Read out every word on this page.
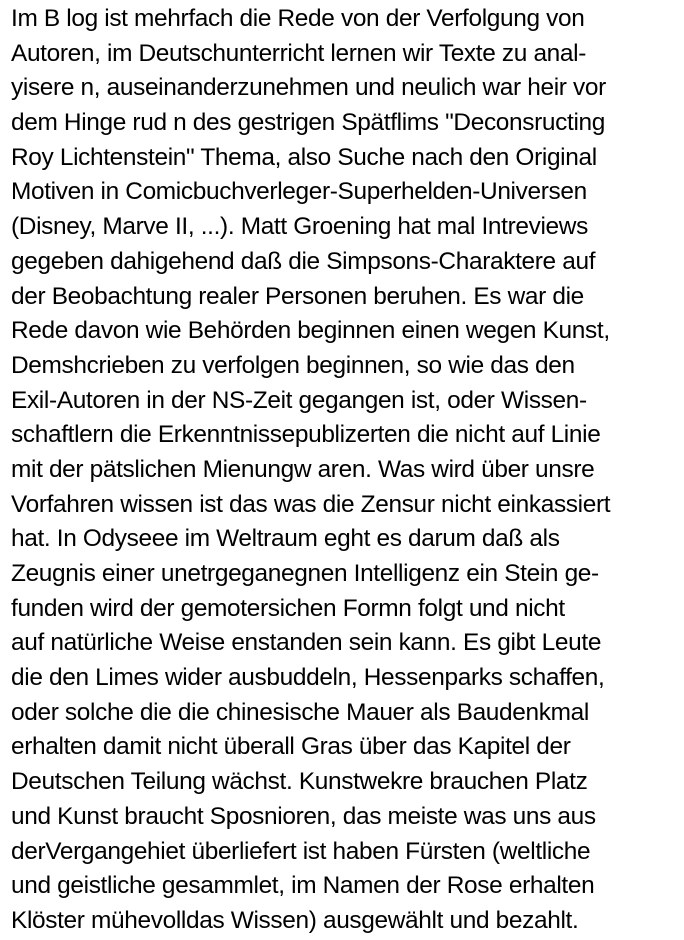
Im B log ist mehrfach die Rede von der Verfolgung von
Autoren, im Deutschunterricht lernen wir Texte zu anal-
yisere n, auseinanderzunehmen und neulich war heir vor
dem Hinge rud n des gestrigen Spätflims "Deconsructing
Roy Lichtenstein" Thema, also Suche nach den Original
Motiven in Comicbuchverleger-Superhelden-Universen
(Disney, Marve II, ...). Matt Groening hat mal Intreviews
gegeben dahigehend daß die Simpsons-Charaktere auf
der Beobachtung realer Personen beruhen. Es war die
Rede davon wie Behörden beginnen einen wegen Kunst,
Demshcrieben zu verfolgen beginnen, so wie das den
Exil-Autoren in der NS-Zeit gegangen ist, oder Wissen-
schaftlern die Erkenntnissepublizerten die nicht auf Linie
mit der pätslichen Mienungw aren. Was wird über unsre
Vorfahren wissen ist das was die Zensur nicht einkassiert
hat. In Odyseee im Weltraum eght es darum daß als
Zeugnis einer unetrgeganegnen Intelligenz ein Stein ge-
funden wird der gemotersichen Formn folgt und nicht
auf natürliche Weise enstanden sein kann. Es gibt Leute
die den Limes wider ausbuddeln, Hessenparks schaffen,
oder solche die die chinesische Mauer als Baudenkmal
erhalten damit nicht überall Gras über das Kapitel der
Deutschen Teilung wächst. Kunstwekre brauchen Platz
und Kunst braucht Sposnioren, das meiste was uns aus
derVergangehiet überliefert ist haben Fürsten (weltliche
und geistliche gesammlet, im Namen der Rose erhalten
Klöster mühevolldas Wissen) ausgewählt und bezahlt.
